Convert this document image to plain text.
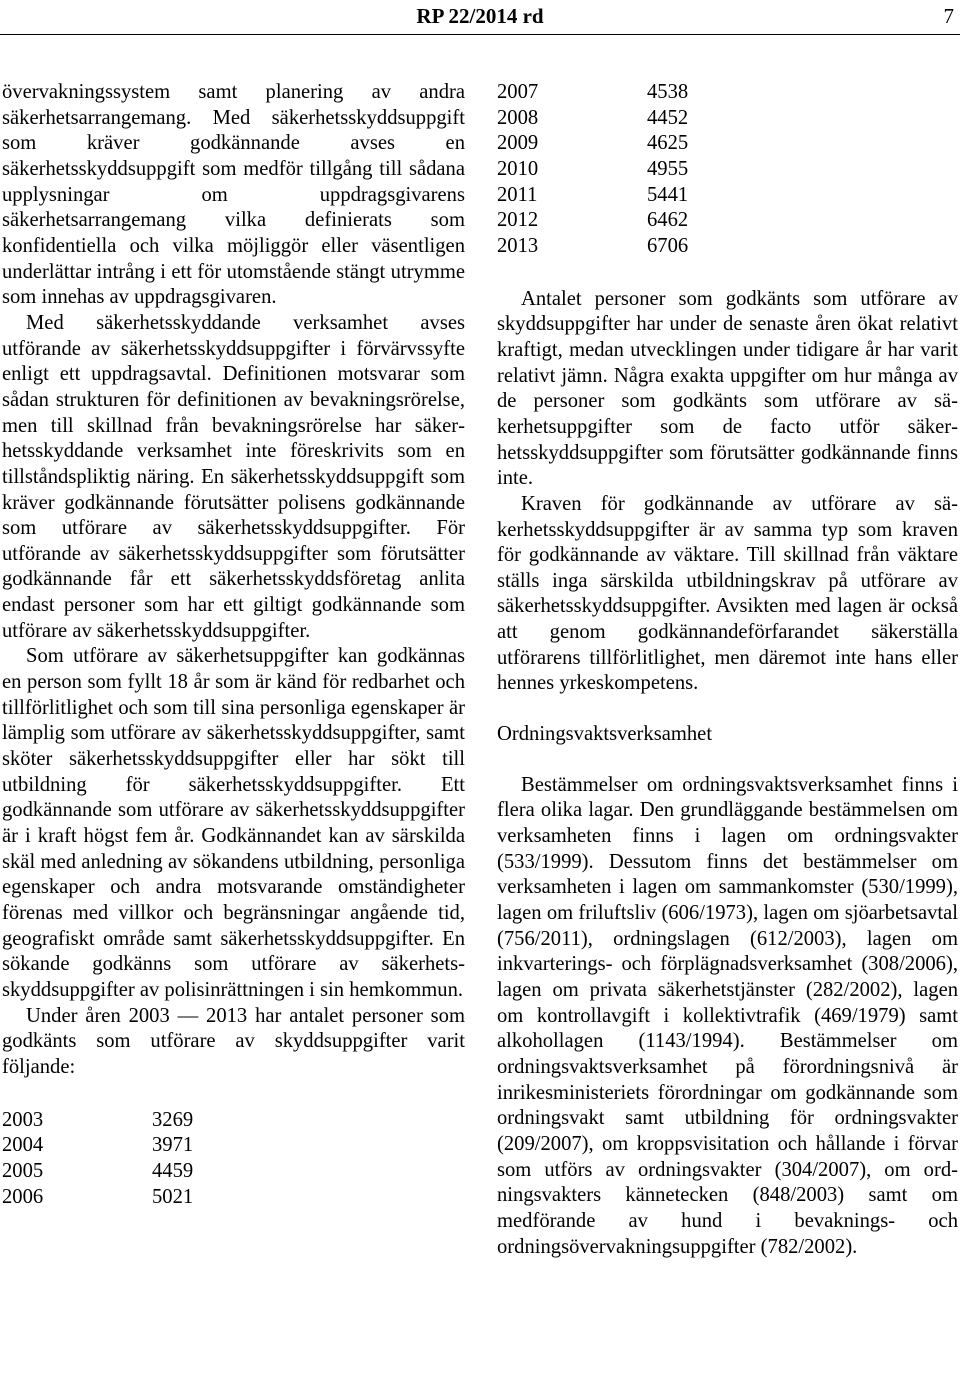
RP 22/2014 rd	7

övervakningssystem samt planering av andra säkerhetsarrangemang. Med säkerhetsskyddsuppgift som kräver godkännande avses en säkerhetsskyddsuppgift som medför tillgång till sådana upplysningar om uppdragsgivarens säkerhetsarrangemang vilka definierats som konfidentiella och vilka möjliggör eller väsentligen underlättar intrång i ett för utomstående stängt utrymme som innehas av uppdragsgivaren.

Med säkerhetsskyddande verksamhet avses utförande av säkerhetsskyddsuppgifter i förvärvssyfte enligt ett uppdragsavtal. Definitionen motsvarar som sådan strukturen för definitionen av bevakningsrörelse, men till skillnad från bevakningsrörelse har säkerhetsskyddande verksamhet inte föreskrivits som en tillståndspliktig näring. En säkerhetsskyddsuppgift som kräver godkännande förutsätter polisens godkännande som utförare av säkerhetsskyddsuppgifter. För utförande av säkerhetsskyddsuppgifter som förutsätter godkännande får ett säkerhetsskyddsföretag anlita endast personer som har ett giltigt godkännande som utförare av säkerhetsskyddsuppgifter.

Som utförare av säkerhetsuppgifter kan godkännas en person som fyllt 18 år som är känd för redbarhet och tillförlitlighet och som till sina personliga egenskaper är lämplig som utförare av säkerhetsskyddsuppgifter, samt sköter säkerhetsskyddsuppgifter eller har sökt till utbildning för säkerhetsskyddsuppgifter. Ett godkännande som utförare av säkerhetsskyddsuppgifter är i kraft högst fem år. Godkännandet kan av särskilda skäl med anledning av sökandens utbildning, personliga egenskaper och andra motsvarande omständigheter förenas med villkor och begränsningar angående tid, geografiskt område samt säkerhetsskyddsuppgifter. En sökande godkänns som utförare av säkerhetsskyddsuppgifter av polisinrättningen i sin hemkommun.

Under åren 2003 — 2013 har antalet personer som godkänts som utförare av skyddsuppgifter varit följande:

2003	3269
2004	3971
2005	4459
2006	5021
2007	4538
2008	4452
2009	4625
2010	4955
2011	5441
2012	6462
2013	6706

Antalet personer som godkänts som utförare av skyddsuppgifter har under de senaste åren ökat relativt kraftigt, medan utvecklingen under tidigare år har varit relativt jämn. Några exakta uppgifter om hur många av de personer som godkänts som utförare av säkerhetsuppgifter som de facto utför säkerhetsskyddsuppgifter som förutsätter godkännande finns inte.

Kraven för godkännande av utförare av säkerhetsskyddsuppgifter är av samma typ som kraven för godkännande av väktare. Till skillnad från väktare ställs inga särskilda utbildningskrav på utförare av säkerhetsskyddsuppgifter. Avsikten med lagen är också att genom godkännandeförfarandet säkerställa utförarens tillförlitlighet, men däremot inte hans eller hennes yrkeskompetens.

Ordningsvaktsverksamhet

Bestämmelser om ordningsvaktsverksamhet finns i flera olika lagar. Den grundläggande bestämmelsen om verksamheten finns i lagen om ordningsvakter (533/1999). Dessutom finns det bestämmelser om verksamheten i lagen om sammankomster (530/1999), lagen om friluftsliv (606/1973), lagen om sjöarbetsavtal (756/2011), ordningslagen (612/2003), lagen om inkvarterings- och förplägnadsverksamhet (308/2006), lagen om privata säkerhetstjänster (282/2002), lagen om kontrollavgift i kollektivtrafik (469/1979) samt alkohollagen (1143/1994). Bestämmelser om ordningsvaktsverksamhet på förordningsnivå är inrikesministeriets förordningar om godkännande som ordningsvakt samt utbildning för ordningsvakter (209/2007), om kroppsvisitation och hållande i förvar som utförs av ordningsvakter (304/2007), om ordningsvakters kännetecken (848/2003) samt om medförande av hund i bevaknings- och ordningsövervakningsuppgifter (782/2002).
